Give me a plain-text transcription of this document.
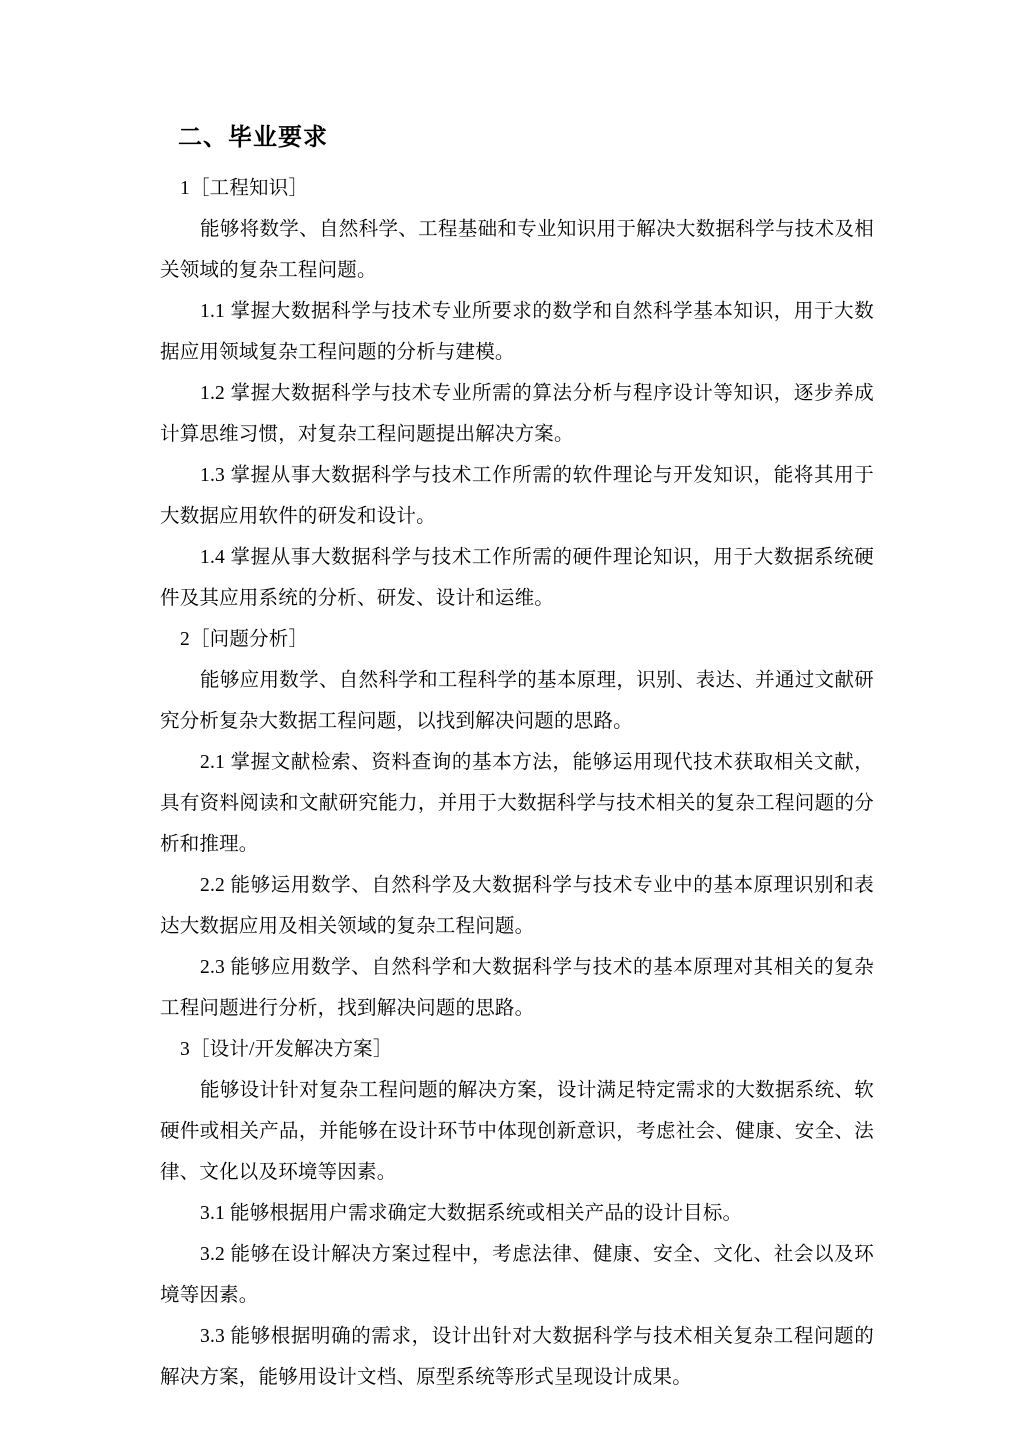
二、毕业要求

1［工程知识］

能够将数学、自然科学、工程基础和专业知识用于解决大数据科学与技术及相关领域的复杂工程问题。

1.1 掌握大数据科学与技术专业所要求的数学和自然科学基本知识，用于大数据应用领域复杂工程问题的分析与建模。

1.2 掌握大数据科学与技术专业所需的算法分析与程序设计等知识，逐步养成计算思维习惯，对复杂工程问题提出解决方案。

1.3 掌握从事大数据科学与技术工作所需的软件理论与开发知识，能将其用于大数据应用软件的研发和设计。

1.4 掌握从事大数据科学与技术工作所需的硬件理论知识，用于大数据系统硬件及其应用系统的分析、研发、设计和运维。

2［问题分析］

能够应用数学、自然科学和工程科学的基本原理，识别、表达、并通过文献研究分析复杂大数据工程问题，以找到解决问题的思路。

2.1 掌握文献检索、资料查询的基本方法，能够运用现代技术获取相关文献，具有资料阅读和文献研究能力，并用于大数据科学与技术相关的复杂工程问题的分析和推理。

2.2 能够运用数学、自然科学及大数据科学与技术专业中的基本原理识别和表达大数据应用及相关领域的复杂工程问题。

2.3 能够应用数学、自然科学和大数据科学与技术的基本原理对其相关的复杂工程问题进行分析，找到解决问题的思路。

3［设计/开发解决方案］

能够设计针对复杂工程问题的解决方案，设计满足特定需求的大数据系统、软硬件或相关产品，并能够在设计环节中体现创新意识，考虑社会、健康、安全、法律、文化以及环境等因素。

3.1 能够根据用户需求确定大数据系统或相关产品的设计目标。

3.2 能够在设计解决方案过程中，考虑法律、健康、安全、文化、社会以及环境等因素。

3.3 能够根据明确的需求，设计出针对大数据科学与技术相关复杂工程问题的解决方案，能够用设计文档、原型系统等形式呈现设计成果。
